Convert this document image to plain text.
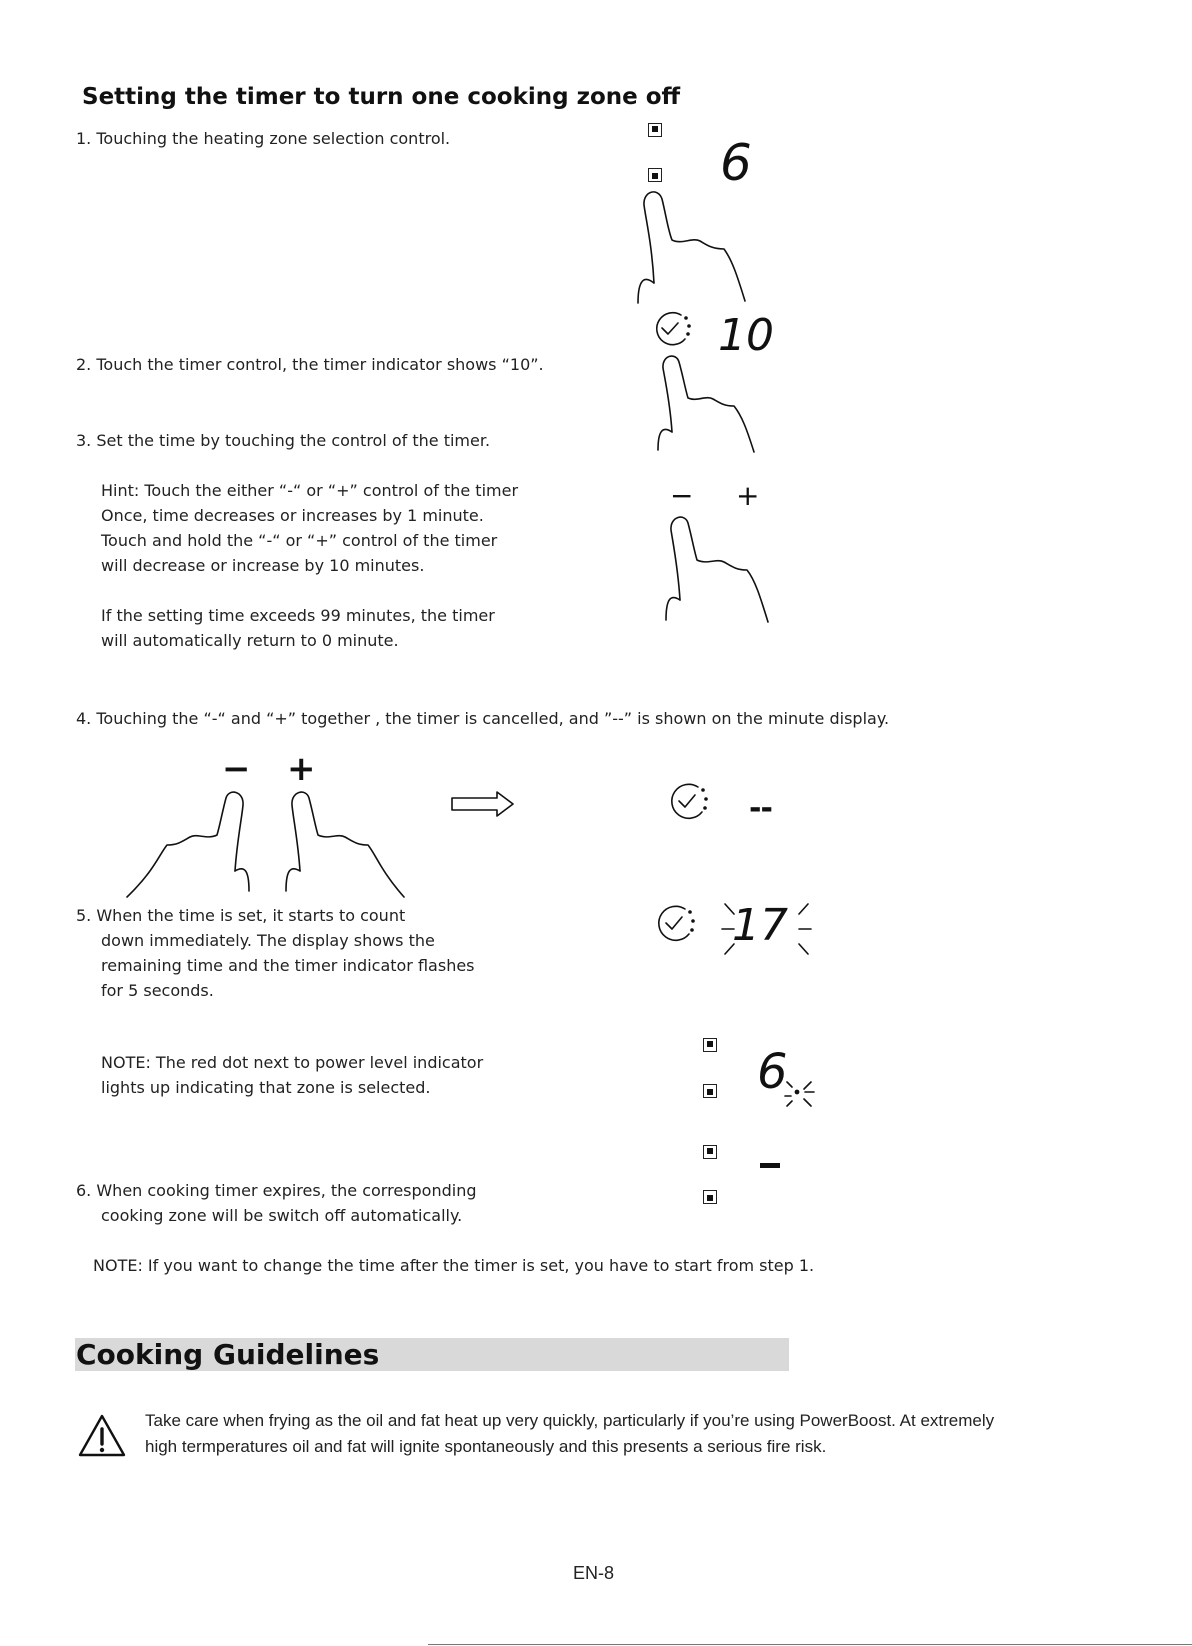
Setting the timer to turn one cooking zone off
1. Touching the heating zone selection control.	6
2. Touch the timer control, the timer indicator shows “10”.
10
3. Set the time by touching the control of the timer.
Hint: Touch the either “-“ or “+” control of the timer
Once, time decreases or increases by 1 minute.
Touch and hold the “-“ or “+” control of the timer
will decrease or increase by 10 minutes.
If the setting time exceeds 99 minutes, the timer
will automatically return to 0 minute.
− +
4. Touching the “-“ and “+” together , the timer is cancelled, and ”--” is shown on the minute display.
− +
--
5. When the time is set, it starts to count
down immediately. The display shows the
remaining time and the timer indicator flashes
for 5 seconds.
17
NOTE: The red dot next to power level indicator
lights up indicating that zone is selected.	6
6. When cooking timer expires, the corresponding
cooking zone will be switch off automatically.
NOTE: If you want to change the time after the timer is set, you have to start from step 1.
Cooking Guidelines
Take care when frying as the oil and fat heat up very quickly, particularly if you’re using PowerBoost. At extremely
high termperatures oil and fat will ignite spontaneously and this presents a serious fire risk.
EN-8
